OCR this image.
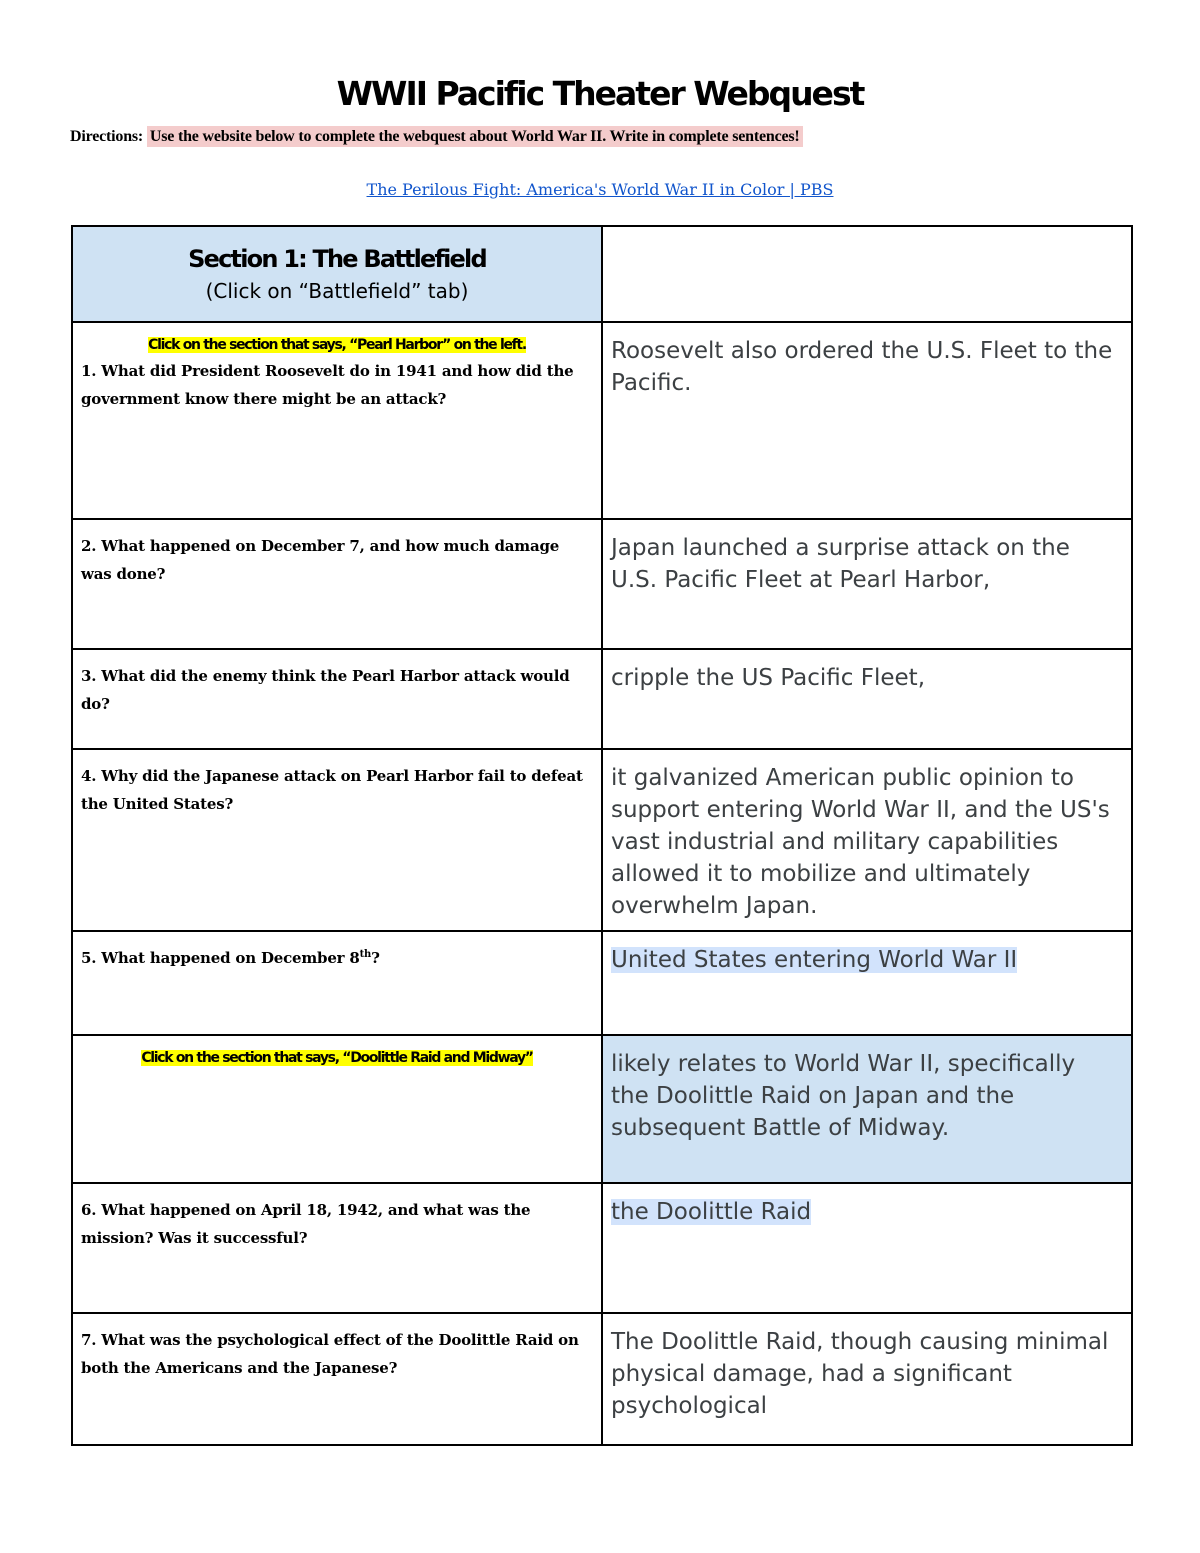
WWII Pacific Theater Webquest
Directions: Use the website below to complete the webquest about World War II. Write in complete sentences!
The Perilous Fight: America's World War II in Color | PBS
Section 1: The Battlefield
(Click on “Battlefield” tab)	

Click on the section that says, “Pearl Harbor” on the left.
1. What did President Roosevelt do in 1941 and how did the government know there might be an attack?	Roosevelt also ordered the U.S. Fleet to the Pacific.

2. What happened on December 7, and how much damage was done?	Japan launched a surprise attack on the U.S. Pacific Fleet at Pearl Harbor,

3. What did the enemy think the Pearl Harbor attack would do?	cripple the US Pacific Fleet,

4. Why did the Japanese attack on Pearl Harbor fail to defeat the United States?	it galvanized American public opinion to support entering World War II, and the US's vast industrial and military capabilities allowed it to mobilize and ultimately overwhelm Japan.

5. What happened on December 8th?	United States entering World War II

Click on the section that says, “Doolittle Raid and Midway”	likely relates to World War II, specifically the Doolittle Raid on Japan and the subsequent Battle of Midway.

6. What happened on April 18, 1942, and what was the mission? Was it successful?	the Doolittle Raid

7. What was the psychological effect of the Doolittle Raid on both the Americans and the Japanese?	The Doolittle Raid, though causing minimal physical damage, had a significant psychological
